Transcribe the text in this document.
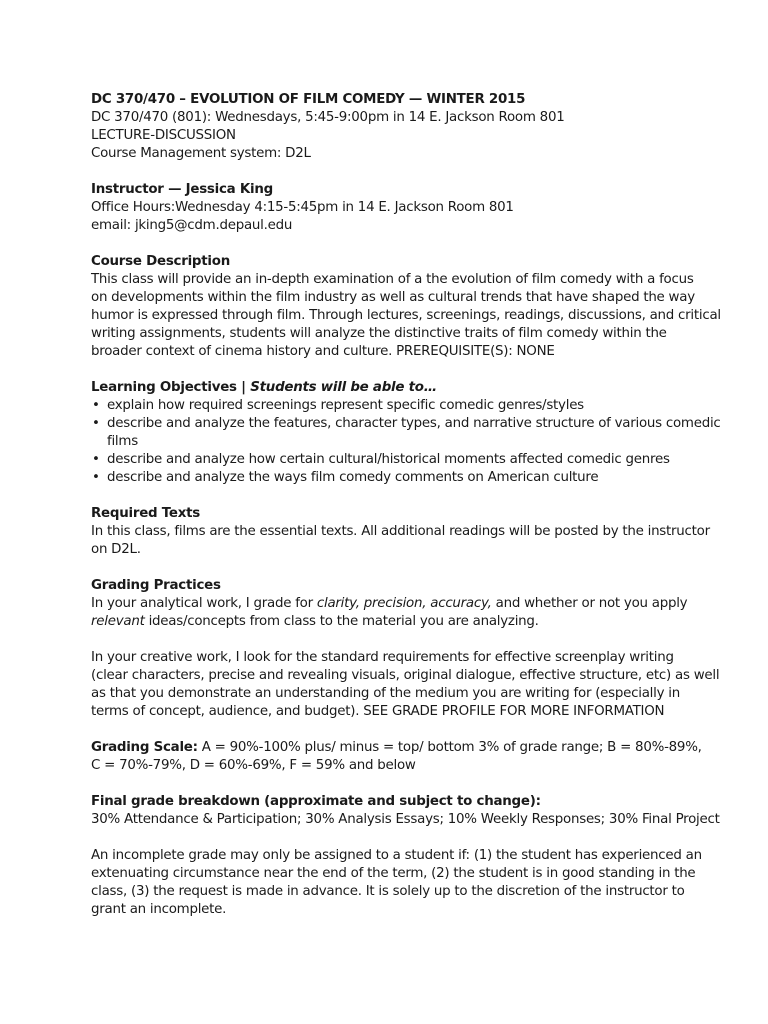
DC 370/470 – EVOLUTION OF FILM COMEDY — WINTER 2015
DC 370/470 (801): Wednesdays, 5:45-9:00pm in 14 E. Jackson Room 801
LECTURE-DISCUSSION
Course Management system: D2L
Instructor — Jessica King
Office Hours:Wednesday 4:15-5:45pm in 14 E. Jackson Room 801
email: jking5@cdm.depaul.edu
Course Description
This class will provide an in-depth examination of a the evolution of film comedy with a focus
on developments within the film industry as well as cultural trends that have shaped the way
humor is expressed through film. Through lectures, screenings, readings, discussions, and critical
writing assignments, students will analyze the distinctive traits of film comedy within the
broader context of cinema history and culture. PREREQUISITE(S): NONE
Learning Objectives | Students will be able to…
• explain how required screenings represent specific comedic genres/styles
• describe and analyze the features, character types, and narrative structure of various comedic
films
• describe and analyze how certain cultural/historical moments affected comedic genres
• describe and analyze the ways film comedy comments on American culture
Required Texts
In this class, films are the essential texts. All additional readings will be posted by the instructor
on D2L.
Grading Practices
In your analytical work, I grade for clarity, precision, accuracy, and whether or not you apply
relevant ideas/concepts from class to the material you are analyzing.
In your creative work, I look for the standard requirements for effective screenplay writing
(clear characters, precise and revealing visuals, original dialogue, effective structure, etc) as well
as that you demonstrate an understanding of the medium you are writing for (especially in
terms of concept, audience, and budget). SEE GRADE PROFILE FOR MORE INFORMATION
Grading Scale: A = 90%-100% plus/ minus = top/ bottom 3% of grade range; B = 80%-89%,
C = 70%-79%, D = 60%-69%, F = 59% and below
Final grade breakdown (approximate and subject to change):
30% Attendance & Participation; 30% Analysis Essays; 10% Weekly Responses; 30% Final Project
An incomplete grade may only be assigned to a student if: (1) the student has experienced an
extenuating circumstance near the end of the term, (2) the student is in good standing in the
class, (3) the request is made in advance. It is solely up to the discretion of the instructor to
grant an incomplete.
